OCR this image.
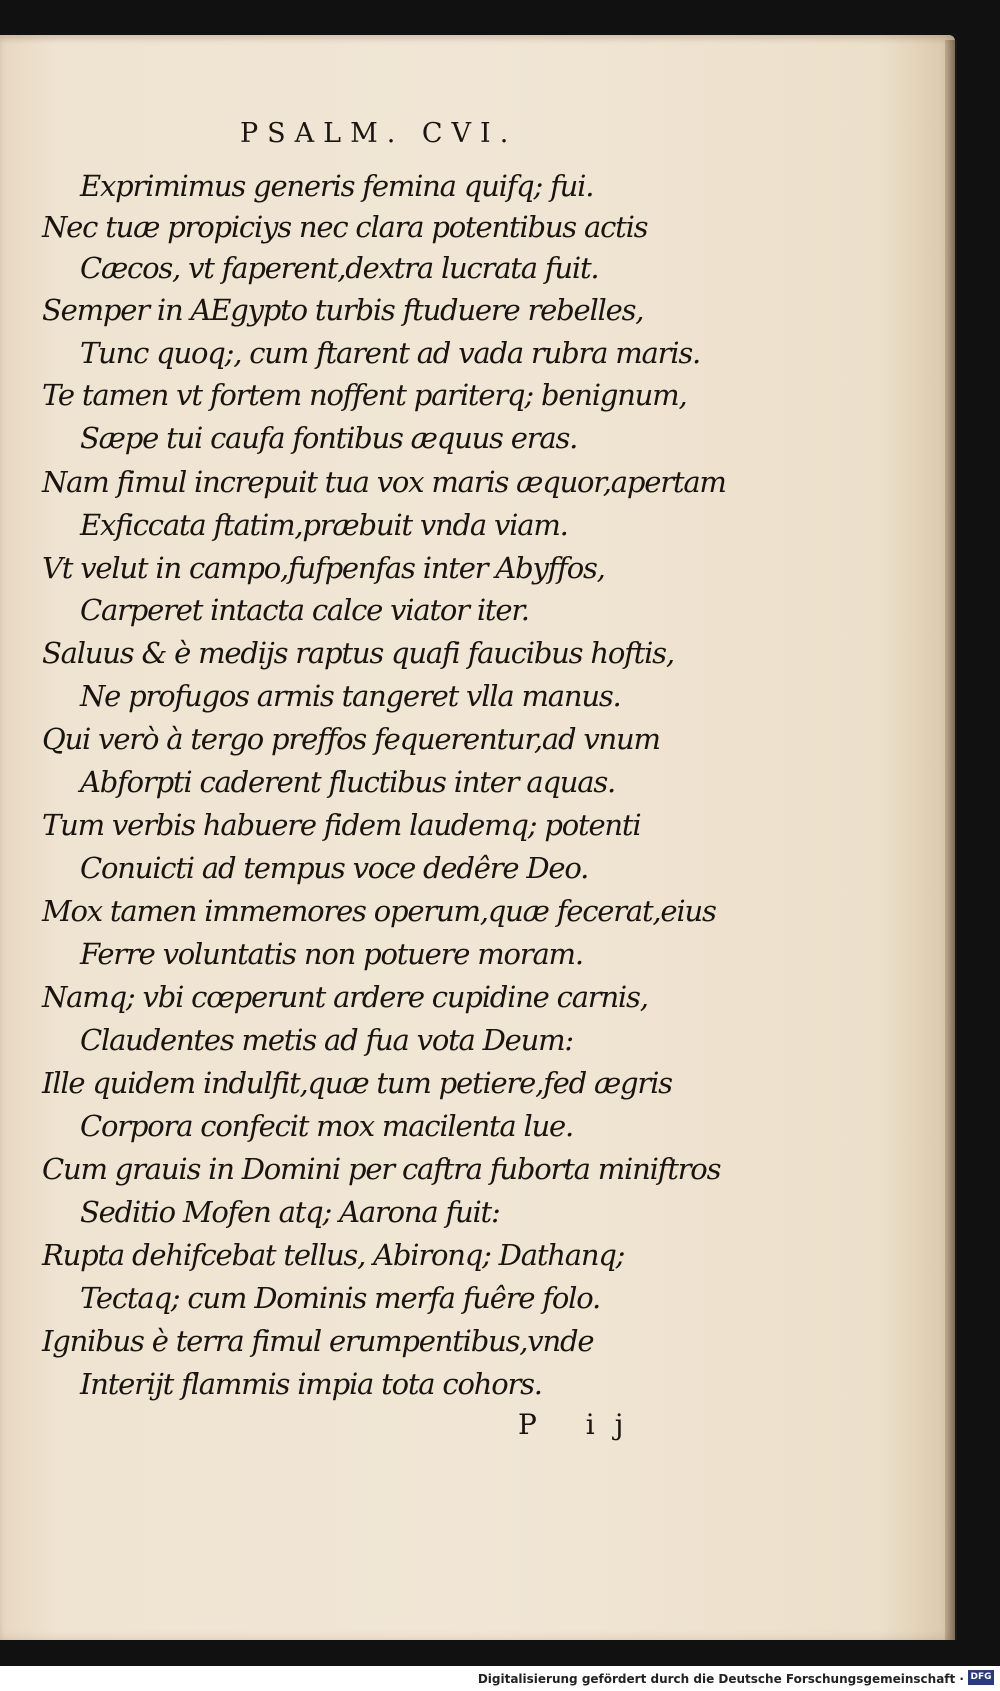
PSALM. CVI.
Exprimimus generis femina quifq; fui.
Nec tuæ propiciys nec clara potentibus actis
Cæcos, vt faperent,dextra lucrata fuit.
Semper in AEgypto turbis ftuduere rebelles,
Tunc quoq;, cum ftarent ad vada rubra maris.
Te tamen vt fortem noffent pariterq; benignum,
Sæpe tui caufa fontibus æquus eras.
Nam fimul increpuit tua vox maris æquor,apertam
Exficcata ftatim,præbuit vnda viam.
Vt velut in campo,fufpenfas inter Abyffos,
Carperet intacta calce viator iter.
Saluus & è medijs raptus quafi faucibus hoftis,
Ne profugos armis tangeret vlla manus.
Qui verò à tergo preffos fequerentur,ad vnum
Abforpti caderent fluctibus inter aquas.
Tum verbis habuere fidem laudemq; potenti
Conuicti ad tempus voce dedêre Deo.
Mox tamen immemores operum,quæ fecerat,eius
Ferre voluntatis non potuere moram.
Namq; vbi cœperunt ardere cupidine carnis,
Claudentes metis ad fua vota Deum:
Ille quidem indulfit,quæ tum petiere,fed ægris
Corpora confecit mox macilenta lue.
Cum grauis in Domini per caftra fuborta miniftros
Seditio Mofen atq; Aarona fuit:
Rupta dehifcebat tellus, Abironq; Dathanq;
Tectaq; cum Dominis merfa fuêre folo.
Ignibus è terra fimul erumpentibus,vnde
Interijt flammis impia tota cohors.
P ij
Digitalisierung gefördert durch die Deutsche Forschungsgemeinschaft · DFG
